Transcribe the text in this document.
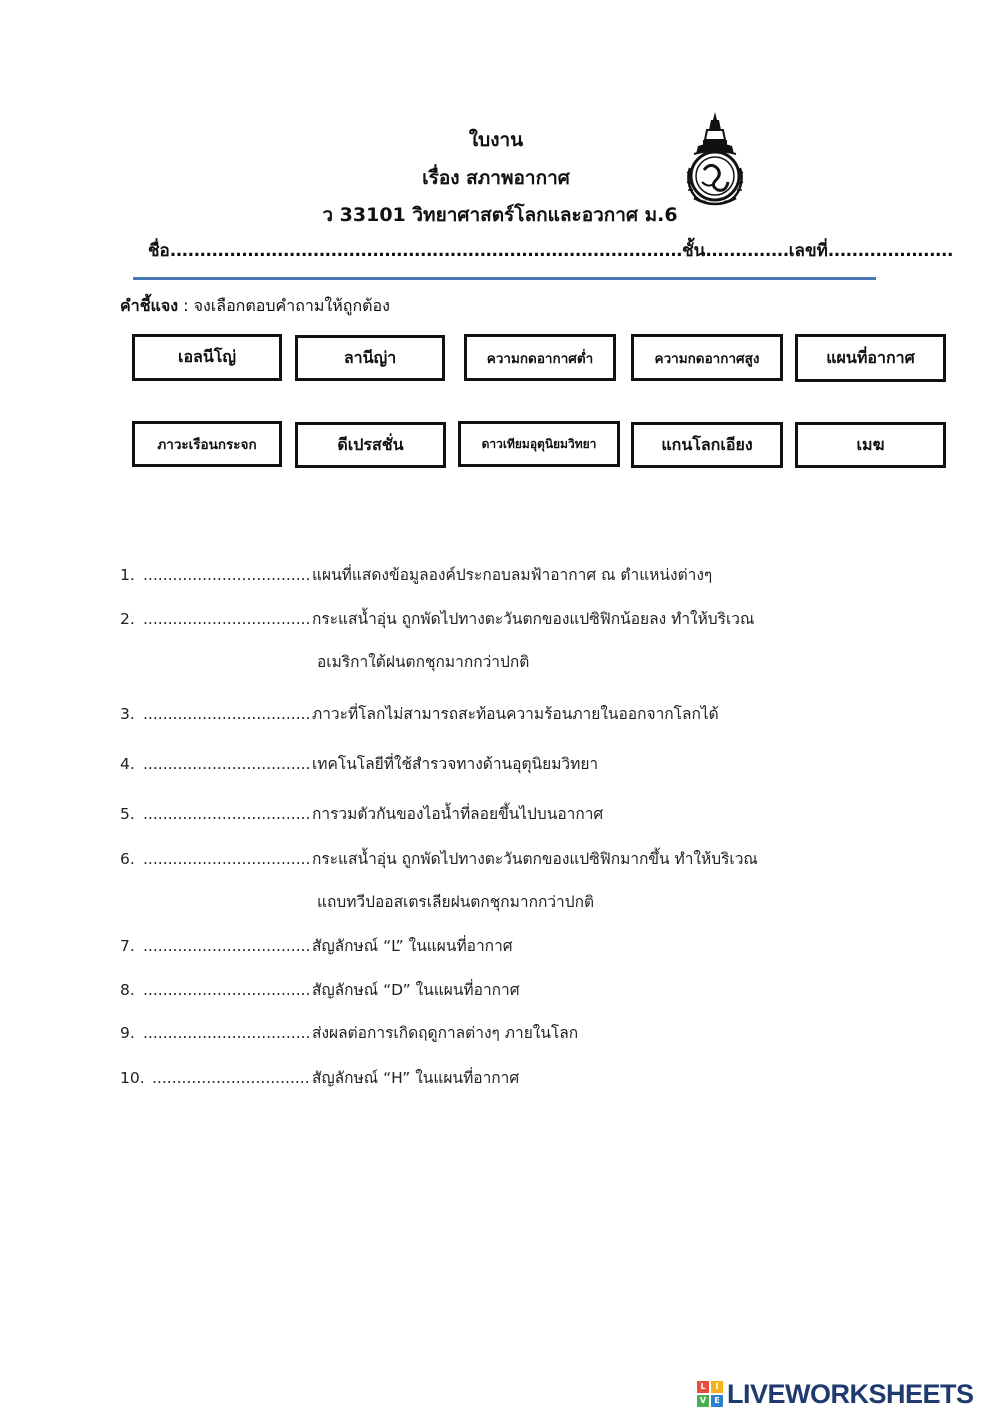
ใบงาน
เรื่อง สภาพอากาศ
ว 33101 วิทยาศาสตร์โลกและอวกาศ ม.6
ชื่อ......................................................................................ชั้น..............เลขที่.....................
คำชี้แจง : จงเลือกตอบคำถามให้ถูกต้อง
เอลนีโญ่	ลานีญ่า	ความกดอากาศต่ำ	ความกดอากาศสูง	แผนที่อากาศ
ภาวะเรือนกระจก	ดีเปรสชั่น	ดาวเทียมอุตุนิยมวิทยา	แกนโลกเอียง	เมฆ
1. .................................. แผนที่แสดงข้อมูลองค์ประกอบลมฟ้าอากาศ ณ ตำแหน่งต่างๆ
2. .................................. กระแสน้ำอุ่น ถูกพัดไปทางตะวันตกของแปซิฟิกน้อยลง ทำให้บริเวณ
อเมริกาใต้ฝนตกชุกมากกว่าปกติ
3. .................................. ภาวะที่โลกไม่สามารถสะท้อนความร้อนภายในออกจากโลกได้
4. .................................. เทคโนโลยีที่ใช้สำรวจทางด้านอุตุนิยมวิทยา
5. .................................. การวมตัวกันของไอน้ำที่ลอยขึ้นไปบนอากาศ
6. .................................. กระแสน้ำอุ่น ถูกพัดไปทางตะวันตกของแปซิฟิกมากขึ้น ทำให้บริเวณ
แถบทวีปออสเตรเลียฝนตกชุกมากกว่าปกติ
7. .................................. สัญลักษณ์ “L” ในแผนที่อากาศ
8. .................................. สัญลักษณ์ “D” ในแผนที่อากาศ
9. .................................. ส่งผลต่อการเกิดฤดูกาลต่างๆ ภายในโลก
10. ................................ สัญลักษณ์ “H” ในแผนที่อากาศ
L	I
V	E LIVEWORKSHEETS
